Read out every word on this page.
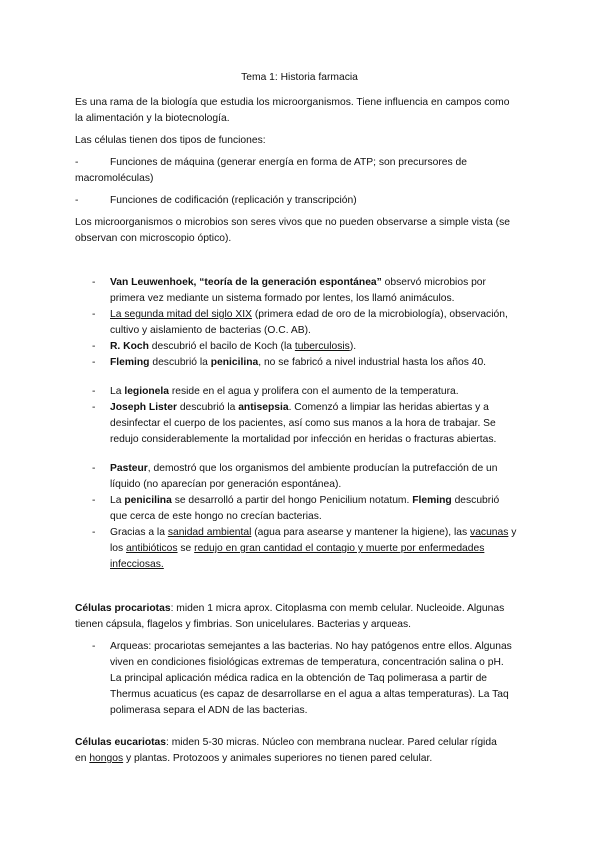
Tema 1: Historia farmacia

Es una rama de la biología que estudia los microorganismos. Tiene influencia en campos como

la alimentación y la biotecnología.

Las células tienen dos tipos de funciones:

-	Funciones de máquina (generar energía en forma de ATP; son precursores de

macromoléculas)

-	Funciones de codificación (replicación y transcripción)

Los microorganismos o microbios son seres vivos que no pueden observarse a simple vista (se

observan con microscopio óptico).

- Van Leuwenhoek, “teoría de la generación espontánea” observó microbios por

primera vez mediante un sistema formado por lentes, los llamó animáculos.

- La segunda mitad del siglo XIX (primera edad de oro de la microbiología), observación,

cultivo y aislamiento de bacterias (O.C. AB).

- R. Koch descubrió el bacilo de Koch (la tuberculosis).

- Fleming descubrió la penicilina, no se fabricó a nivel industrial hasta los años 40.

- La legionela reside en el agua y prolifera con el aumento de la temperatura.

- Joseph Lister descubrió la antisepsia. Comenzó a limpiar las heridas abiertas y a

desinfectar el cuerpo de los pacientes, así como sus manos a la hora de trabajar. Se

redujo considerablemente la mortalidad por infección en heridas o fracturas abiertas.

- Pasteur, demostró que los organismos del ambiente producían la putrefacción de un

líquido (no aparecían por generación espontánea).

- La penicilina se desarrolló a partir del hongo Penicilium notatum. Fleming descubrió

que cerca de este hongo no crecían bacterias.

- Gracias a la sanidad ambiental (agua para asearse y mantener la higiene), las vacunas y

los antibióticos se redujo en gran cantidad el contagio y muerte por enfermedades

infecciosas.

Células procariotas: miden 1 micra aprox. Citoplasma con memb celular. Nucleoide. Algunas

tienen cápsula, flagelos y fimbrias. Son unicelulares. Bacterias y arqueas.

- Arqueas: procariotas semejantes a las bacterias. No hay patógenos entre ellos. Algunas

viven en condiciones fisiológicas extremas de temperatura, concentración salina o pH.

La principal aplicación médica radica en la obtención de Taq polimerasa a partir de

Thermus acuaticus (es capaz de desarrollarse en el agua a altas temperaturas). La Taq

polimerasa separa el ADN de las bacterias.

Células eucariotas: miden 5-30 micras. Núcleo con membrana nuclear. Pared celular rígida

en hongos y plantas. Protozoos y animales superiores no tienen pared celular.
